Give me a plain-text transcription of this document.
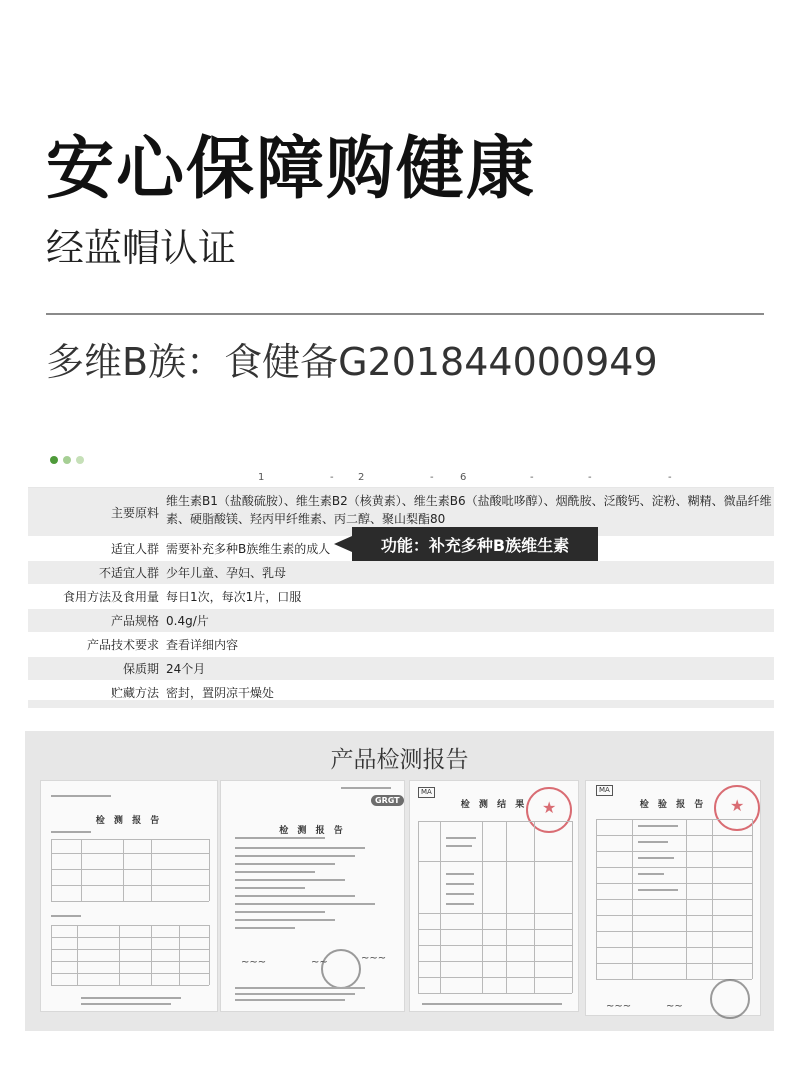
安心保障购健康
经蓝帽认证
多维B族：食健备G201844000949
1	- 2	-	6	-	-	-
主要原料
维生素B1（盐酸硫胺）、维生素B2（核黄素）、维生素B6（盐酸吡哆醇）、烟酰胺、泛酸钙、淀粉、糊精、微晶纤维
素、硬脂酸镁、羟丙甲纤维素、丙二醇、聚山梨酯80
适宜人群 需要补充多种B族维生素的成人
不适宜人群 少年儿童、孕妇、乳母
食用方法及食用量 每日1次，每次1片，口服
产品规格 0.4g/片
产品技术要求 查看详细内容
保质期 24个月
贮藏方法 密封，置阴凉干燥处
功能：补充多种B族维生素
产品检测报告
检 测 报 告
GRGT
检 测 报 告
~~~	~~	~~~
MA
检 测 结 果
★
MA
检 验 报 告
★
~~~	~~
